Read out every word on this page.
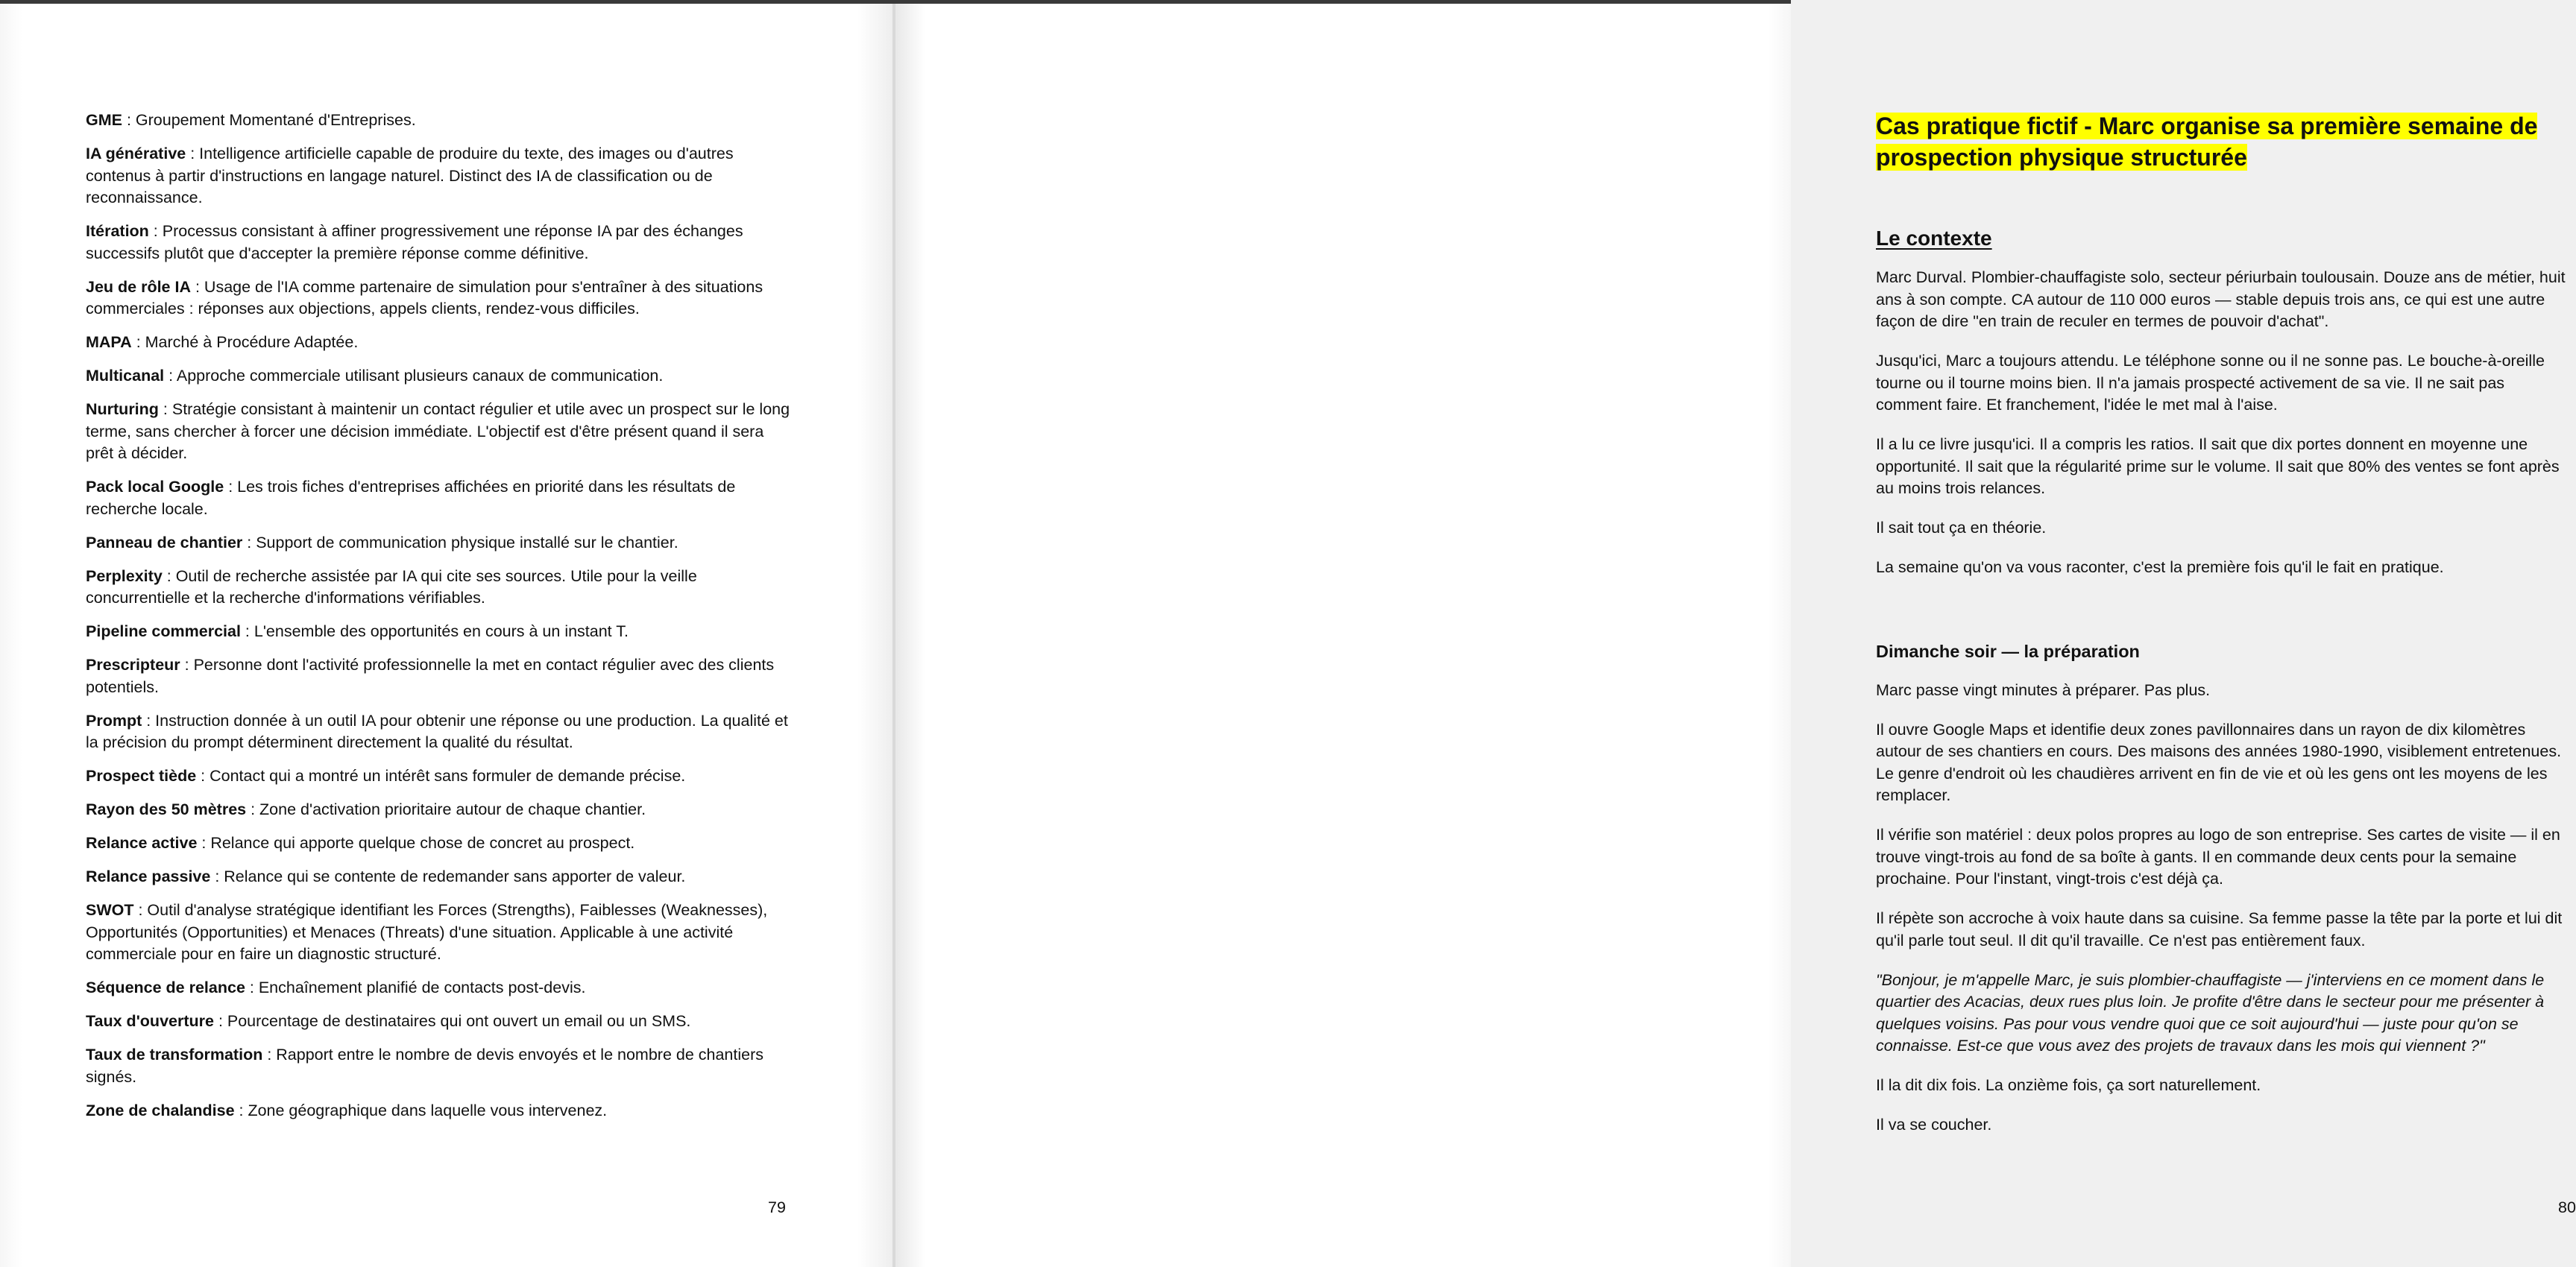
GME : Groupement Momentané d'Entreprises.
IA générative : Intelligence artificielle capable de produire du texte, des images ou d'autres contenus à partir d'instructions en langage naturel. Distinct des IA de classification ou de reconnaissance.
Itération : Processus consistant à affiner progressivement une réponse IA par des échanges successifs plutôt que d'accepter la première réponse comme définitive.
Jeu de rôle IA : Usage de l'IA comme partenaire de simulation pour s'entraîner à des situations commerciales : réponses aux objections, appels clients, rendez-vous difficiles.
MAPA : Marché à Procédure Adaptée.
Multicanal : Approche commerciale utilisant plusieurs canaux de communication.
Nurturing : Stratégie consistant à maintenir un contact régulier et utile avec un prospect sur le long terme, sans chercher à forcer une décision immédiate. L'objectif est d'être présent quand il sera prêt à décider.
Pack local Google : Les trois fiches d'entreprises affichées en priorité dans les résultats de recherche locale.
Panneau de chantier : Support de communication physique installé sur le chantier.
Perplexity : Outil de recherche assistée par IA qui cite ses sources. Utile pour la veille concurrentielle et la recherche d'informations vérifiables.
Pipeline commercial : L'ensemble des opportunités en cours à un instant T.
Prescripteur : Personne dont l'activité professionnelle la met en contact régulier avec des clients potentiels.
Prompt : Instruction donnée à un outil IA pour obtenir une réponse ou une production. La qualité et la précision du prompt déterminent directement la qualité du résultat.
Prospect tiède : Contact qui a montré un intérêt sans formuler de demande précise.
Rayon des 50 mètres : Zone d'activation prioritaire autour de chaque chantier.
Relance active : Relance qui apporte quelque chose de concret au prospect.
Relance passive : Relance qui se contente de redemander sans apporter de valeur.
SWOT : Outil d'analyse stratégique identifiant les Forces (Strengths), Faiblesses (Weaknesses), Opportunités (Opportunities) et Menaces (Threats) d'une situation. Applicable à une activité commerciale pour en faire un diagnostic structuré.
Séquence de relance : Enchaînement planifié de contacts post-devis.
Taux d'ouverture : Pourcentage de destinataires qui ont ouvert un email ou un SMS.
Taux de transformation : Rapport entre le nombre de devis envoyés et le nombre de chantiers signés.
Zone de chalandise : Zone géographique dans laquelle vous intervenez.
79
Cas pratique fictif - Marc organise sa première semaine de prospection physique structurée
Le contexte

Marc Durval. Plombier-chauffagiste solo, secteur périurbain toulousain. Douze ans de métier, huit ans à son compte. CA autour de 110 000 euros — stable depuis trois ans, ce qui est une autre façon de dire "en train de reculer en termes de pouvoir d'achat".

Jusqu'ici, Marc a toujours attendu. Le téléphone sonne ou il ne sonne pas. Le bouche-à-oreille tourne ou il tourne moins bien. Il n'a jamais prospecté activement de sa vie. Il ne sait pas comment faire. Et franchement, l'idée le met mal à l'aise.

Il a lu ce livre jusqu'ici. Il a compris les ratios. Il sait que dix portes donnent en moyenne une opportunité. Il sait que la régularité prime sur le volume. Il sait que 80% des ventes se font après au moins trois relances.

Il sait tout ça en théorie.

La semaine qu'on va vous raconter, c'est la première fois qu'il le fait en pratique.

Dimanche soir — la préparation

Marc passe vingt minutes à préparer. Pas plus.

Il ouvre Google Maps et identifie deux zones pavillonnaires dans un rayon de dix kilomètres autour de ses chantiers en cours. Des maisons des années 1980-1990, visiblement entretenues. Le genre d'endroit où les chaudières arrivent en fin de vie et où les gens ont les moyens de les remplacer.

Il vérifie son matériel : deux polos propres au logo de son entreprise. Ses cartes de visite — il en trouve vingt-trois au fond de sa boîte à gants. Il en commande deux cents pour la semaine prochaine. Pour l'instant, vingt-trois c'est déjà ça.

Il répète son accroche à voix haute dans sa cuisine. Sa femme passe la tête par la porte et lui dit qu'il parle tout seul. Il dit qu'il travaille. Ce n'est pas entièrement faux.

"Bonjour, je m'appelle Marc, je suis plombier-chauffagiste — j'interviens en ce moment dans le quartier des Acacias, deux rues plus loin. Je profite d'être dans le secteur pour me présenter à quelques voisins. Pas pour vous vendre quoi que ce soit aujourd'hui — juste pour qu'on se connaisse. Est-ce que vous avez des projets de travaux dans les mois qui viennent ?"

Il la dit dix fois. La onzième fois, ça sort naturellement.

Il va se coucher.

80
